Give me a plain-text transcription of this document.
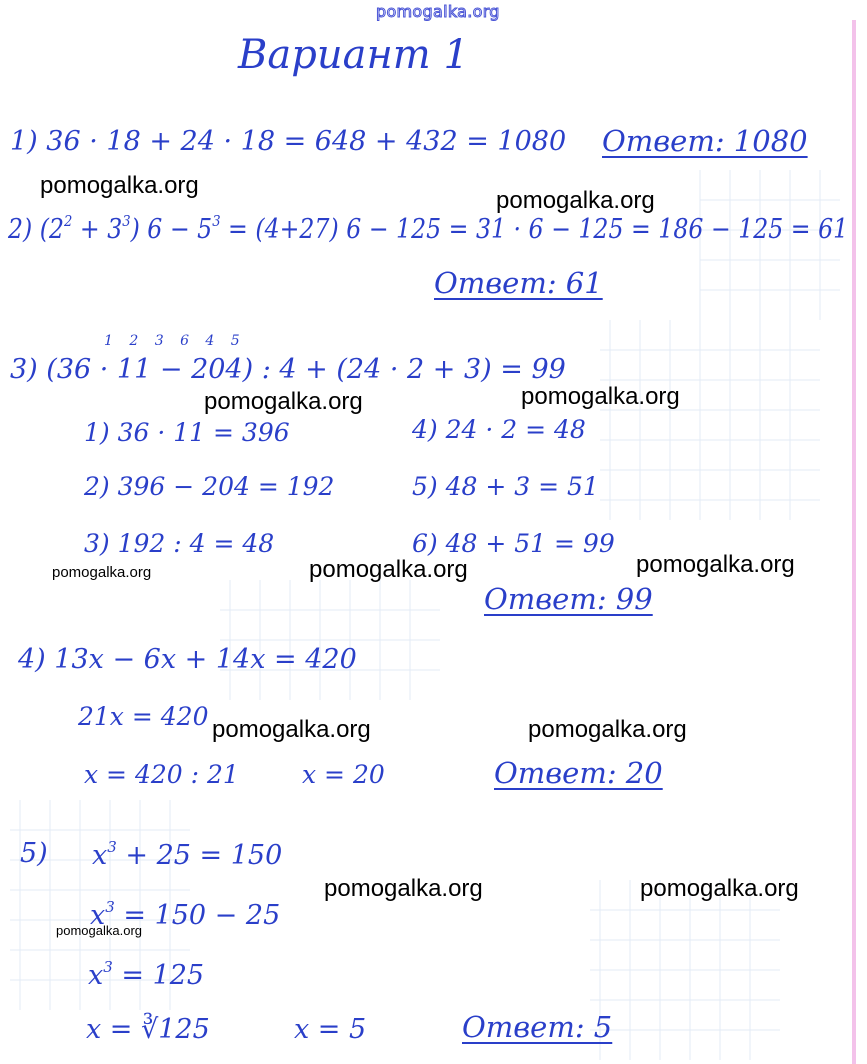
pomogalka.org
Вариант 1
1) 36 · 18 + 24 · 18 = 648 + 432 = 1080 Ответ: 1080
2) $(2^2 + 3^3) 6 - 5^3 = (4+27) 6 - 125 = 31 \cdot 6 - 125 = 186 - 125 = 61$
Ответ: 61
1 2 3 6 4 5
3) (36 · 11 − 204) : 4 + (24 · 2 + 3) = 99
1) 36 · 11 = 396
2) 396 − 204 = 192
3) 192 : 4 = 48
4) 24 · 2 = 48
5) 48 + 3 = 51
6) 48 + 51 = 99
Ответ: 99
4) 13x − 6x + 14x = 420
21x = 420
x = 420 : 21	x = 20	Ответ: 20
5) $x^3 + 25 = 150$
$x^3 = 150 - 25$
$x^3 = 125$
x = ∛125	x = 5	Ответ: 5
pomogalka.org
pomogalka.org
pomogalka.org	pomogalka.org
pomogalka.org	pomogalka.org	pomogalka.org
pomogalka.org	pomogalka.org
pomogalka.org	pomogalka.org
pomogalka.org
